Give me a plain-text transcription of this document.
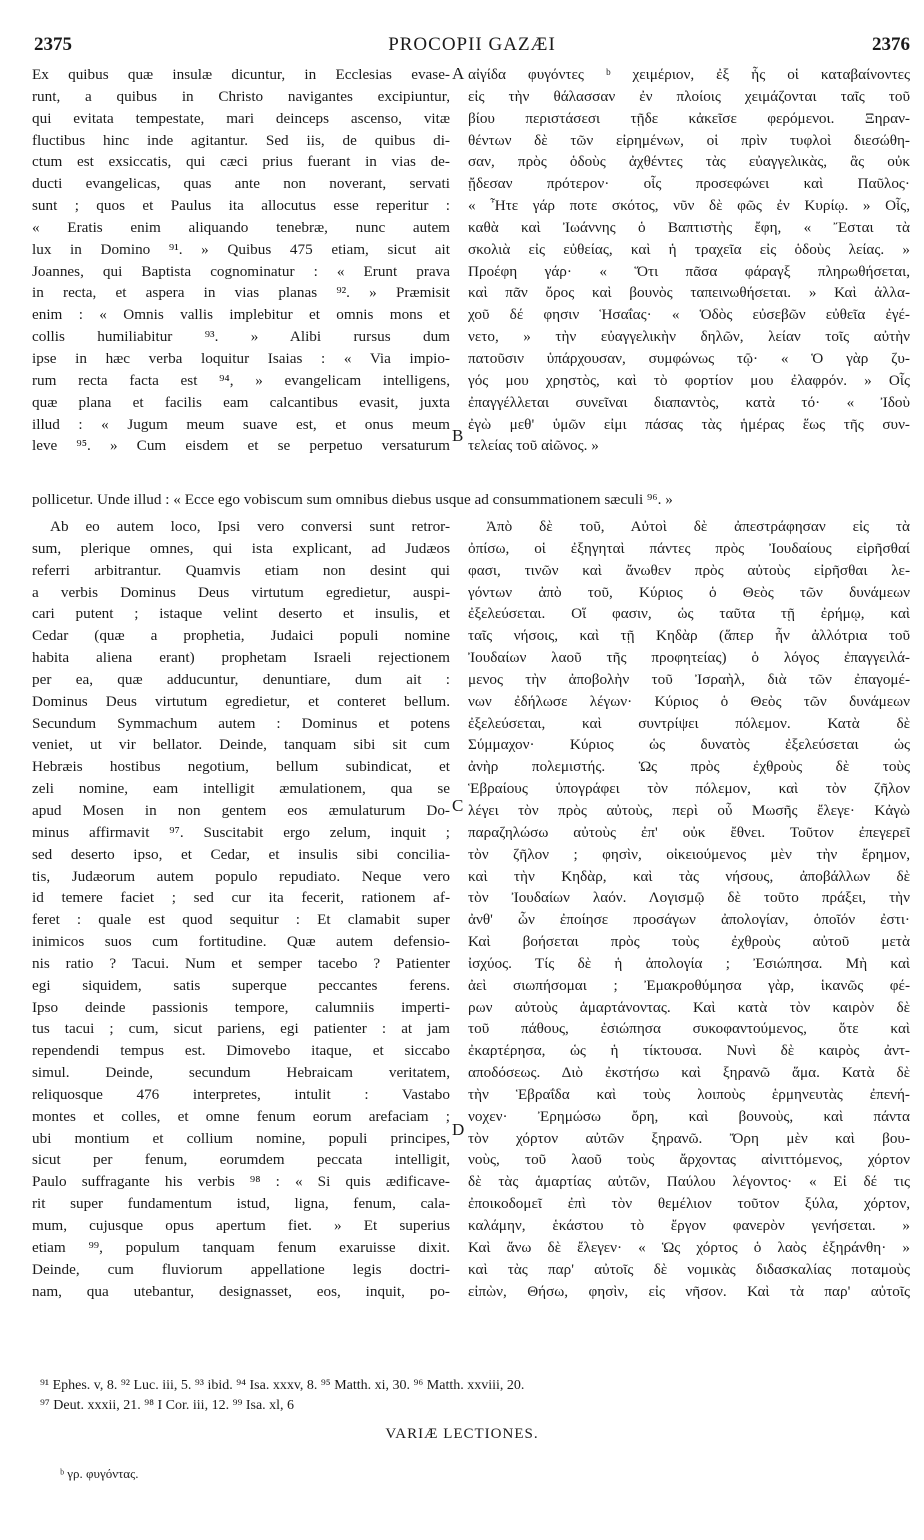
2375	PROCOPII GAZÆI	2376

Ex quibus quæ insulæ dicuntur, in Ecclesias evase-

runt, a quibus in Christo navigantes excipiuntur,

qui evitata tempestate, mari deinceps ascenso, vitæ

fluctibus hinc inde agitantur. Sed iis, de quibus di-

ctum est exsiccatis, qui cæci prius fuerant in vias de-

ducti evangelicas, quas ante non noverant, servati

sunt ; quos et Paulus ita allocutus esse reperitur :

« Eratis enim aliquando tenebræ, nunc autem

lux in Domino ⁹¹. » Quibus 475 etiam, sicut ait

Joannes, qui Baptista cognominatur : « Erunt prava

in recta, et aspera in vias planas ⁹². » Præmisit

enim : « Omnis vallis implebitur et omnis mons et

collis humiliabitur ⁹³. » Alibi rursus dum

ipse in hæc verba loquitur Isaias : « Via impio-

rum recta facta est ⁹⁴, » evangelicam intelligens,

quæ plana et facilis eam calcantibus evasit, juxta

illud : « Jugum meum suave est, et onus meum

leve ⁹⁵. » Cum eisdem et se perpetuo versaturum

αἰγίδα φυγόντες ᵇ χειμέριον, ἐξ ἧς οἱ καταβαίνοντες

εἰς τὴν θάλασσαν ἐν πλοίοις χειμάζονται ταῖς τοῦ

βίου περιστάσεσι τῇδε κἀκεῖσε φερόμενοι. Ξηραν-

θέντων δὲ τῶν εἰρημένων, οἱ πρὶν τυφλοὶ διεσώθη-

σαν, πρὸς ὁδοὺς ἀχθέντες τὰς εὐαγγελικὰς, ἃς οὐκ

ᾔδεσαν πρότερον· οἷς προσεφώνει καὶ Παῦλος·

« Ἦτε γάρ ποτε σκότος, νῦν δὲ φῶς ἐν Κυρίῳ. » Οἷς,

καθὰ καὶ Ἰωάννης ὁ Βαπτιστὴς ἔφη, « Ἔσται τὰ

σκολιὰ εἰς εὐθείας, καὶ ἡ τραχεῖα εἰς ὁδοὺς λείας. »

Προέφη γάρ· « Ὅτι πᾶσα φάραγξ πληρωθήσεται,

καὶ πᾶν ὄρος καὶ βουνὸς ταπεινωθήσεται. » Καὶ ἀλλα-

χοῦ δέ φησιν Ἡσαΐας· « Ὁδὸς εὐσεβῶν εὐθεῖα ἐγέ-

νετο, » τὴν εὐαγγελικὴν δηλῶν, λείαν τοῖς αὐτὴν

πατοῦσιν ὑπάρχουσαν, συμφώνως τῷ· « Ὁ γὰρ ζυ-

γός μου χρηστὸς, καὶ τὸ φορτίον μου ἐλαφρόν. » Οἷς

ἐπαγγέλλεται συνεῖναι διαπαντὸς, κατὰ τό· « Ἰδοὺ

ἐγὼ μεθ' ὑμῶν εἰμι πάσας τὰς ἡμέρας ἕως τῆς συν-

τελείας τοῦ αἰῶνος. »

pollicetur. Unde illud : « Ecce ego vobiscum sum omnibus diebus usque ad consummationem sæculi ⁹⁶. »

Ab eo autem loco, Ipsi vero conversi sunt retror-

sum, plerique omnes, qui ista explicant, ad Judæos

referri arbitrantur. Quamvis etiam non desint qui

a verbis Dominus Deus virtutum egredietur, auspi-

cari putent ; istaque velint deserto et insulis, et

Cedar (quæ a prophetia, Judaici populi nomine

habita aliena erant) prophetam Israeli rejectionem

per ea, quæ adducuntur, denuntiare, dum ait :

Dominus Deus virtutum egredietur, et conteret bellum.

Secundum Symmachum autem : Dominus et potens

veniet, ut vir bellator. Deinde, tanquam sibi sit cum

Hebræis hostibus negotium, bellum subindicat, et

zeli nomine, eam intelligit æmulationem, qua se

apud Mosen in non gentem eos æmulaturum Do-

minus affirmavit ⁹⁷. Suscitabit ergo zelum, inquit ;

sed deserto ipso, et Cedar, et insulis sibi concilia-

tis, Judæorum autem populo repudiato. Neque vero

id temere faciet ; sed cur ita fecerit, rationem af-

feret : quale est quod sequitur : Et clamabit super

inimicos suos cum fortitudine. Quæ autem defensio-

nis ratio ? Tacui. Num et semper tacebo ? Patienter

egi siquidem, satis superque peccantes ferens.

Ipso deinde passionis tempore, calumniis imperti-

tus tacui ; cum, sicut pariens, egi patienter : at jam

rependendi tempus est. Dimovebo itaque, et siccabo

simul. Deinde, secundum Hebraicam veritatem,

reliquosque 476 interpretes, intulit : Vastabo

montes et colles, et omne fenum eorum arefaciam ;

ubi montium et collium nomine, populi principes,

sicut per fenum, eorumdem peccata intelligit,

Paulo suffragante his verbis ⁹⁸ : « Si quis ædificave-

rit super fundamentum istud, ligna, fenum, cala-

mum, cujusque opus apertum fiet. » Et superius

etiam ⁹⁹, populum tanquam fenum exaruisse dixit.

Deinde, cum fluviorum appellatione legis doctri-

nam, qua utebantur, designasset, eos, inquit, po-

Ἀπὸ δὲ τοῦ, Αὐτοὶ δὲ ἀπεστράφησαν εἰς τὰ

ὀπίσω, οἱ ἐξηγηταὶ πάντες πρὸς Ἰουδαίους εἰρῆσθαί

φασι, τινῶν καὶ ἄνωθεν πρὸς αὐτοὺς εἰρῆσθαι λε-

γόντων ἀπὸ τοῦ, Κύριος ὁ Θεὸς τῶν δυνάμεων

ἐξελεύσεται. Οἵ φασιν, ὡς ταῦτα τῇ ἐρήμῳ, καὶ

ταῖς νήσοις, καὶ τῇ Κηδὰρ (ἅπερ ἦν ἀλλότρια τοῦ

Ἰουδαίων λαοῦ τῆς προφητείας) ὁ λόγος ἐπαγγειλά-

μενος τὴν ἀποβολὴν τοῦ Ἰσραὴλ, διὰ τῶν ἐπαγομέ-

νων ἐδήλωσε λέγων· Κύριος ὁ Θεὸς τῶν δυνάμεων

ἐξελεύσεται, καὶ συντρίψει πόλεμον. Κατὰ δὲ

Σύμμαχον· Κύριος ὡς δυνατὸς ἐξελεύσεται ὡς

ἀνὴρ πολεμιστής. Ὡς πρὸς ἐχθροὺς δὲ τοὺς

Ἑβραίους ὑπογράφει τὸν πόλεμον, καὶ τὸν ζῆλον

λέγει τὸν πρὸς αὐτοὺς, περὶ οὗ Μωσῆς ἔλεγε· Κἀγὼ

παραζηλώσω αὐτοὺς ἐπ' οὐκ ἔθνει. Τοῦτον ἐπεγερεῖ

τὸν ζῆλον ; φησὶν, οἰκειούμενος μὲν τὴν ἔρημον,

καὶ τὴν Κηδὰρ, καὶ τὰς νήσους, ἀποβάλλων δὲ

τὸν Ἰουδαίων λαόν. Λογισμῷ δὲ τοῦτο πράξει, τὴν

ἀνθ' ὧν ἐποίησε προσάγων ἀπολογίαν, ὁποῖόν ἐστι·

Καὶ βοήσεται πρὸς τοὺς ἐχθροὺς αὐτοῦ μετὰ

ἰσχύος. Τίς δὲ ἡ ἀπολογία ; Ἐσιώπησα. Μὴ καὶ

ἀεὶ σιωπήσομαι ; Ἐμακροθύμησα γὰρ, ἱκανῶς φέ-

ρων αὐτοὺς ἁμαρτάνοντας. Καὶ κατὰ τὸν καιρὸν δὲ

τοῦ πάθους, ἐσιώπησα συκοφαντούμενος, ὅτε καὶ

ἐκαρτέρησα, ὡς ἡ τίκτουσα. Νυνὶ δὲ καιρὸς ἀντ-

αποδόσεως. Διὸ ἐκστήσω καὶ ξηρανῶ ἅμα. Κατὰ δὲ

τὴν Ἑβραΐδα καὶ τοὺς λοιποὺς ἑρμηνευτὰς ἐπενή-

νοχεν· Ἐρημώσω ὄρη, καὶ βουνοὺς, καὶ πάντα

τὸν χόρτον αὐτῶν ξηρανῶ. Ὄρη μὲν καὶ βου-

νοὺς, τοῦ λαοῦ τοὺς ἄρχοντας αἰνιττόμενος, χόρτον

δὲ τὰς ἁμαρτίας αὐτῶν, Παύλου λέγοντος· « Εἰ δέ τις

ἐποικοδομεῖ ἐπὶ τὸν θεμέλιον τοῦτον ξύλα, χόρτον,

καλάμην, ἑκάστου τὸ ἔργον φανερὸν γενήσεται. »

Καὶ ἄνω δὲ ἔλεγεν· « Ὡς χόρτος ὁ λαὸς ἐξηράνθη· »

καὶ τὰς παρ' αὐτοῖς δὲ νομικὰς διδασκαλίας ποταμοὺς

εἰπὼν, Θήσω, φησὶν, εἰς νῆσον. Καὶ τὰ παρ' αὐτοῖς

A
B
C
D
⁹¹ Ephes. v, 8. ⁹² Luc. iii, 5. ⁹³ ibid. ⁹⁴ Isa. xxxv, 8. ⁹⁵ Matth. xi, 30. ⁹⁶ Matth. xxviii, 20.
⁹⁷ Deut. xxxii, 21. ⁹⁸ I Cor. iii, 12. ⁹⁹ Isa. xl, 6
VARIÆ LECTIONES.
ᵇ γρ. φυγόντας.
